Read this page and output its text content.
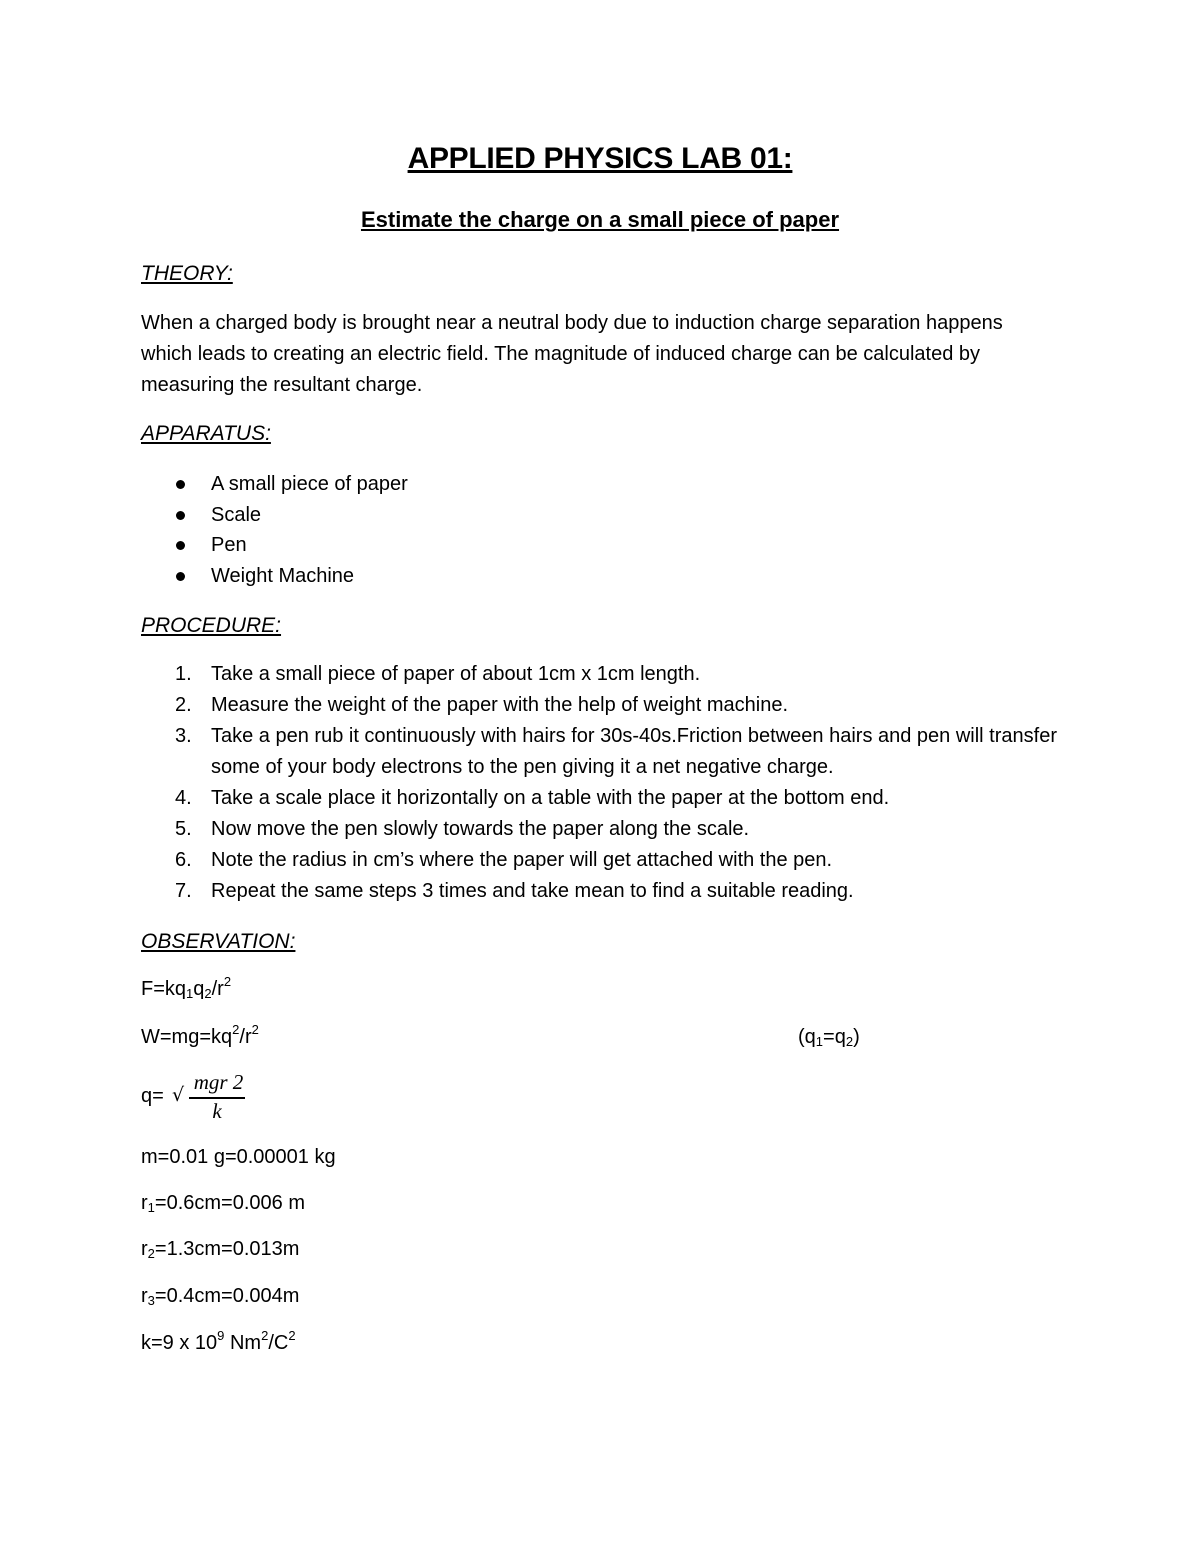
APPLIED PHYSICS LAB 01:
Estimate the charge on a small piece of paper
THEORY:

When a charged body is brought near a neutral body due to induction charge separation happens which leads to creating an electric field. The magnitude of induced charge can be calculated by measuring the resultant charge.

APPARATUS:
A small piece of paper
Scale
Pen
Weight Machine
PROCEDURE:
1. Take a small piece of paper of about 1cm x 1cm length.
2. Measure the weight of the paper with the help of weight machine.
3. Take a pen rub it continuously with hairs for 30s-40s.Friction between hairs and pen will transfer some of your body electrons to the pen giving it a net negative charge.
4. Take a scale place it horizontally on a table with the paper at the bottom end.
5. Now move the pen slowly towards the paper along the scale.
6. Note the radius in cm’s where the paper will get attached with the pen.
7. Repeat the same steps 3 times and take mean to find a suitable reading.
OBSERVATION:
$F=kq_1q_2/r^2$
$W=mg=kq^2/r^2$	$(q_1=q_2)$
q= √
mgr 2
k
m=0.01 g=0.00001 kg
$r_1=0.6cm=0.006$ m
$r_2=1.3cm=0.013m$
$r_3=0.4cm=0.004m$
k=9 x $10^9$ $Nm^2/C^2$
